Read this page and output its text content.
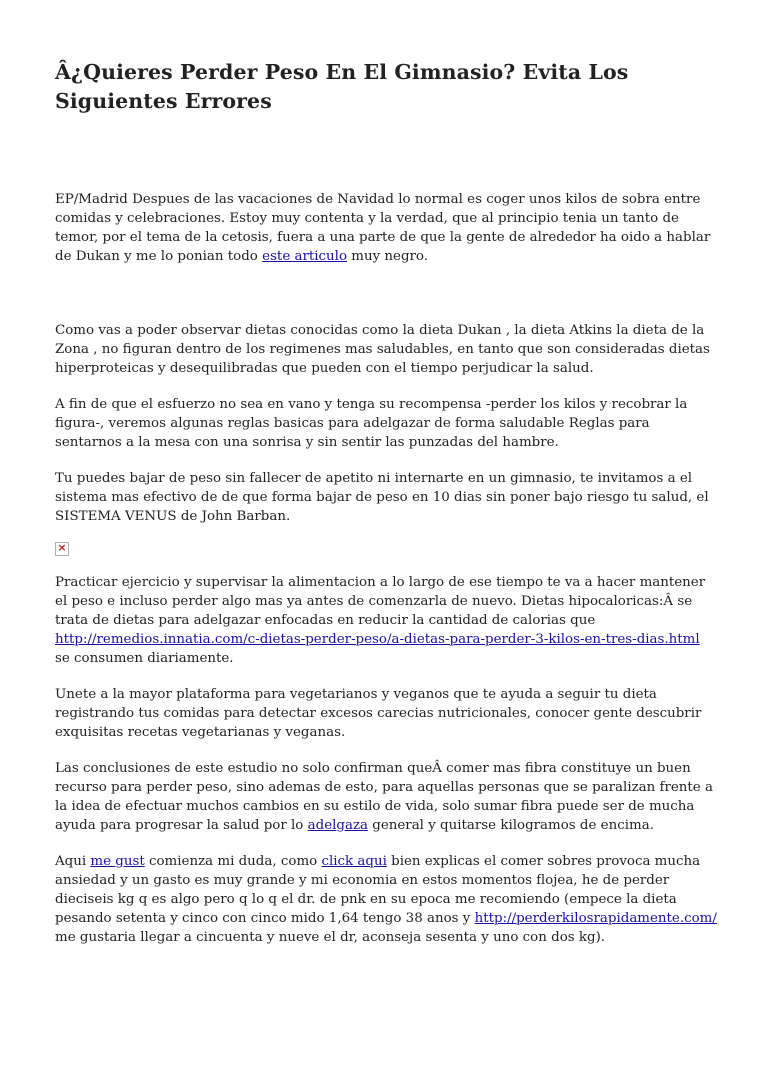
Â¿Quieres Perder Peso En El Gimnasio? Evita Los Siguientes Errores

EP/Madrid Despues de las vacaciones de Navidad lo normal es coger unos kilos de sobra entre comidas y celebraciones. Estoy muy contenta y la verdad, que al principio tenia un tanto de temor, por el tema de la cetosis, fuera a una parte de que la gente de alrededor ha oido a hablar de Dukan y me lo ponian todo este articulo muy negro.

Como vas a poder observar dietas conocidas como la dieta Dukan , la dieta Atkins la dieta de la Zona , no figuran dentro de los regimenes mas saludables, en tanto que son consideradas dietas hiperproteicas y desequilibradas que pueden con el tiempo perjudicar la salud.

A fin de que el esfuerzo no sea en vano y tenga su recompensa -perder los kilos y recobrar la figura-, veremos algunas reglas basicas para adelgazar de forma saludable Reglas para sentarnos a la mesa con una sonrisa y sin sentir las punzadas del hambre.

Tu puedes bajar de peso sin fallecer de apetito ni internarte en un gimnasio, te invitamos a el sistema mas efectivo de de que forma bajar de peso en 10 dias sin poner bajo riesgo tu salud, el SISTEMA VENUS de John Barban.

×

Practicar ejercicio y supervisar la alimentacion a lo largo de ese tiempo te va a hacer mantener el peso e incluso perder algo mas ya antes de comenzarla de nuevo. Dietas hipocaloricas:Â se trata de dietas para adelgazar enfocadas en reducir la cantidad de calorias que http://remedios.innatia.com/c-dietas-perder-peso/a-dietas-para-perder-3-kilos-en-tres-dias.html se consumen diariamente.

Unete a la mayor plataforma para vegetarianos y veganos que te ayuda a seguir tu dieta registrando tus comidas para detectar excesos carecias nutricionales, conocer gente descubrir exquisitas recetas vegetarianas y veganas.

Las conclusiones de este estudio no solo confirman queÂ comer mas fibra constituye un buen recurso para perder peso, sino ademas de esto, para aquellas personas que se paralizan frente a la idea de efectuar muchos cambios en su estilo de vida, solo sumar fibra puede ser de mucha ayuda para progresar la salud por lo adelgaza general y quitarse kilogramos de encima.

Aqui me gust comienza mi duda, como click aqui bien explicas el comer sobres provoca mucha ansiedad y un gasto es muy grande y mi economia en estos momentos flojea, he de perder dieciseis kg q es algo pero q lo q el dr. de pnk en su epoca me recomiendo (empece la dieta pesando setenta y cinco con cinco mido 1,64 tengo 38 anos y http://perderkilosrapidamente.com/ me gustaria llegar a cincuenta y nueve el dr, aconseja sesenta y uno con dos kg).
